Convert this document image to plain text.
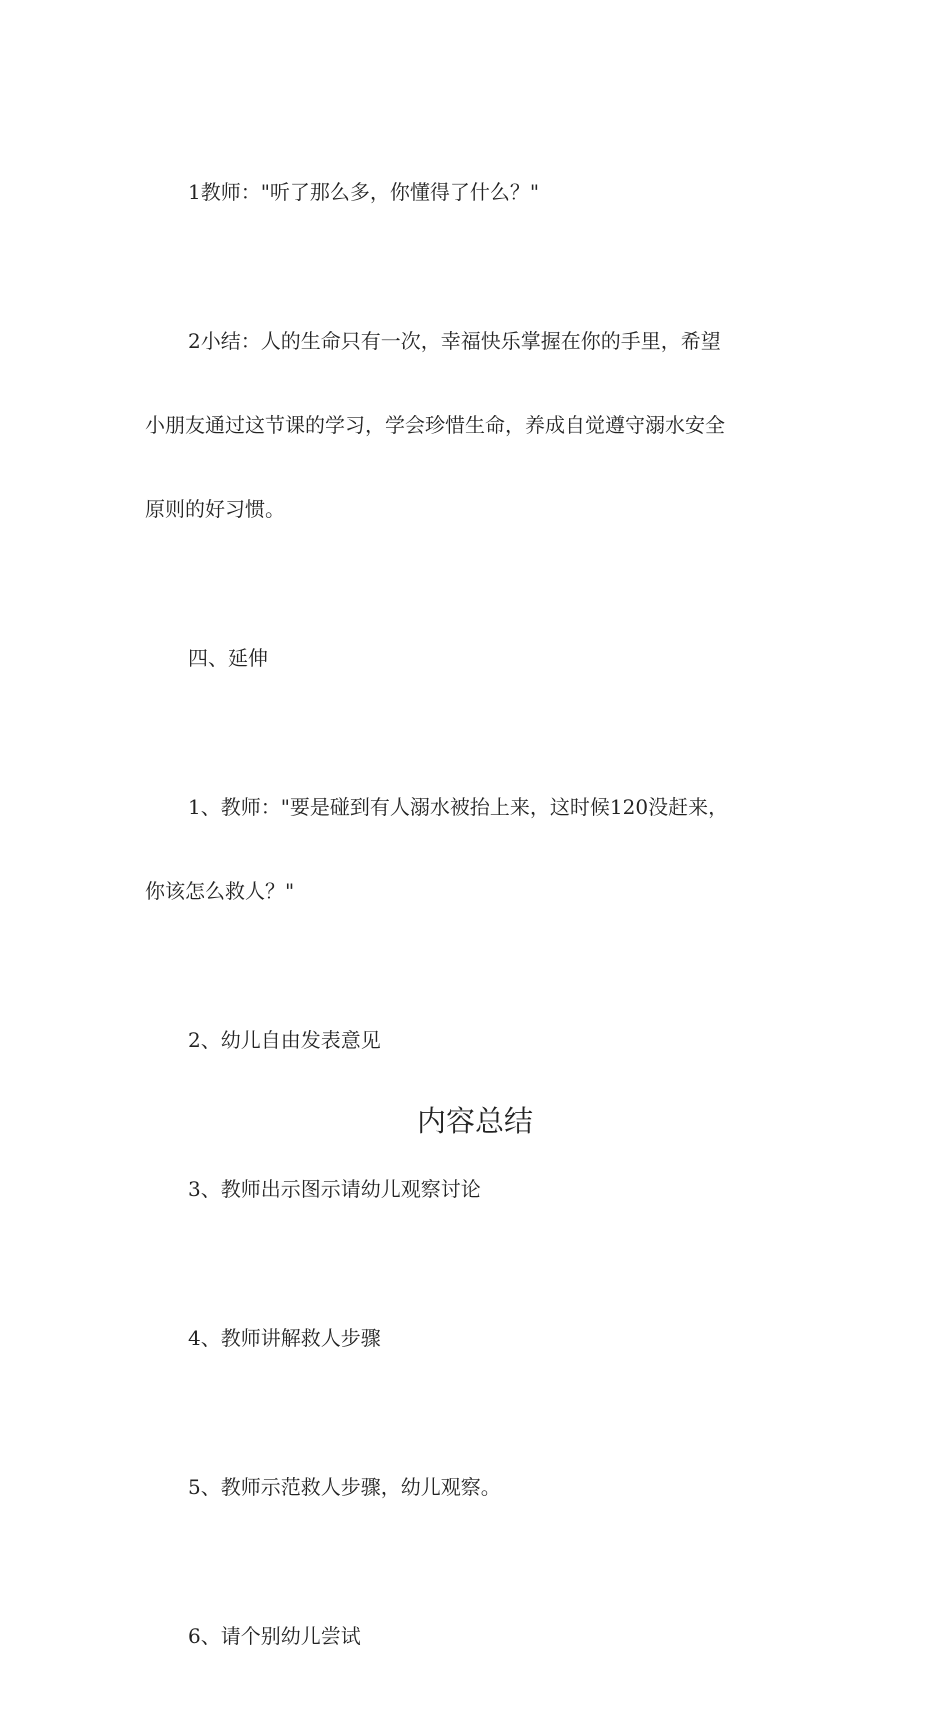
1教师："听了那么多，你懂得了什么？"

2小结：人的生命只有一次，幸福快乐掌握在你的手里，希望

小朋友通过这节课的学习，学会珍惜生命，养成自觉遵守溺水安全

原则的好习惯。

四、延伸

1、教师："要是碰到有人溺水被抬上来，这时候120没赶来，

你该怎么救人？"

2、幼儿自由发表意见

3、教师出示图示请幼儿观察讨论

4、教师讲解救人步骤

5、教师示范救人步骤，幼儿观察。

6、请个别幼儿尝试

内容总结
